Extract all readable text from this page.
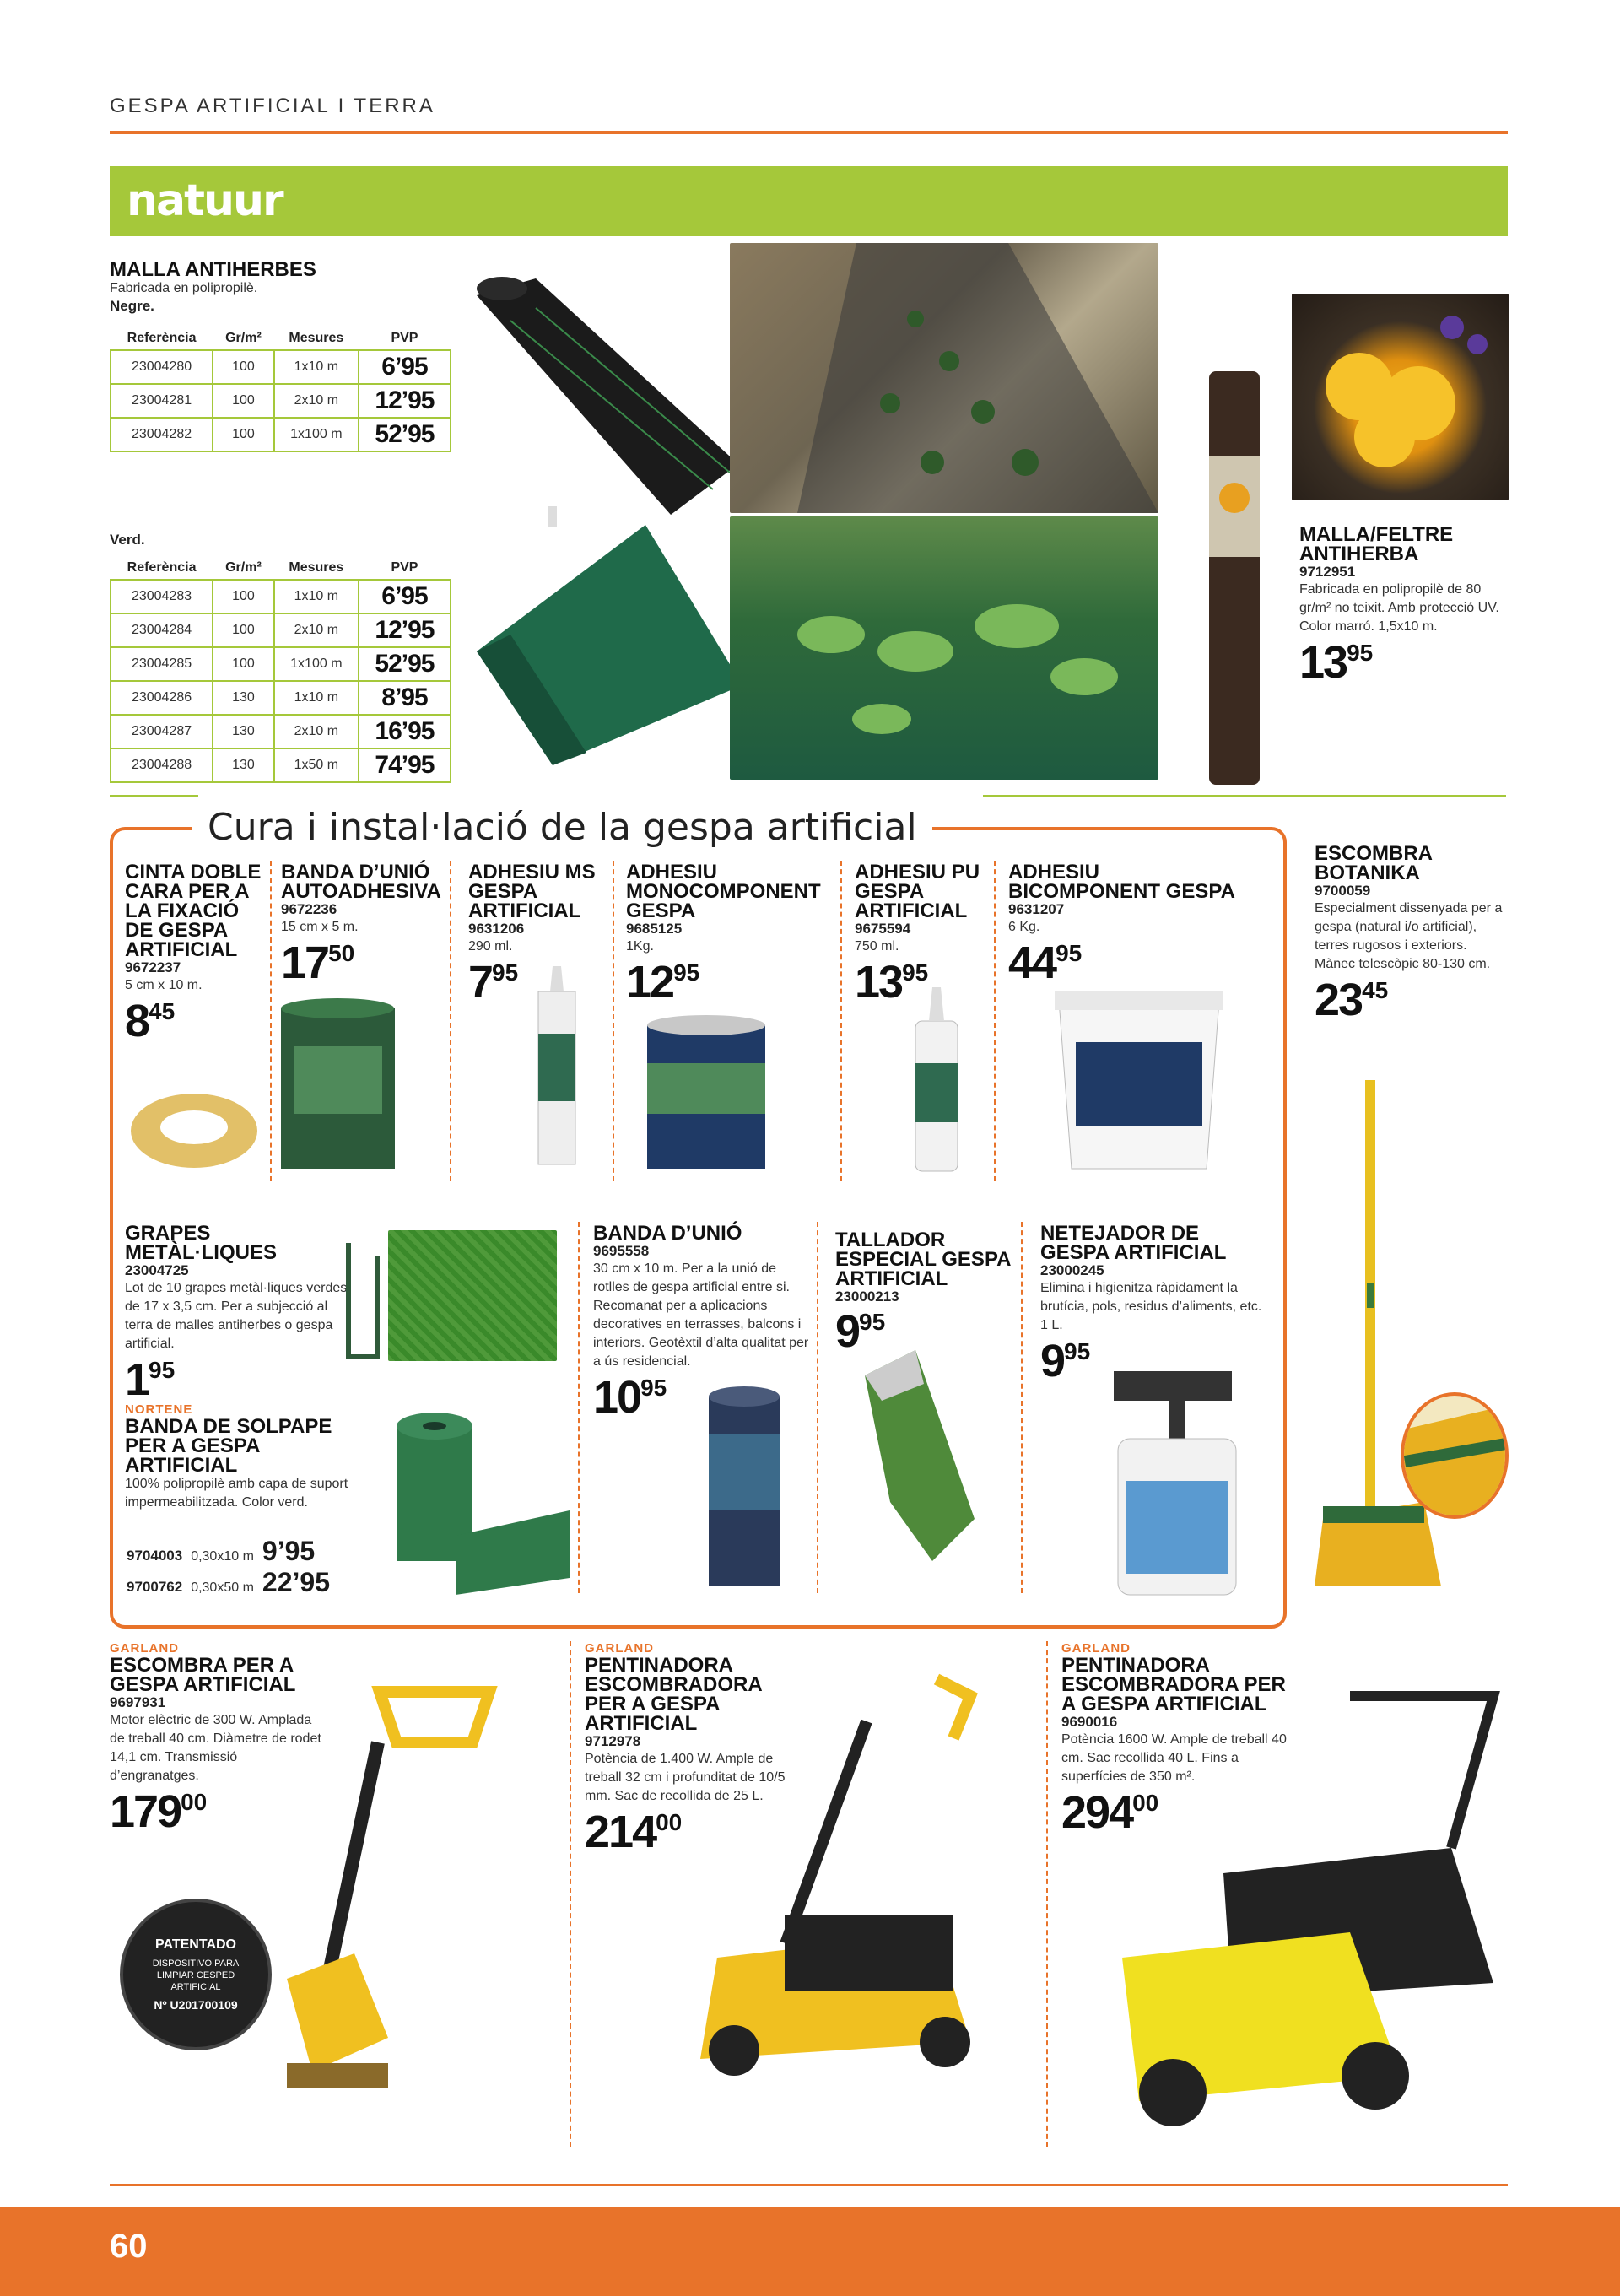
GESPA ARTIFICIAL I TERRA
natuur
MALLA ANTIHERBES
Fabricada en polipropilè.
Negre.
Referència	Gr/m²	Mesures	PVP
23004280	100	1x10 m	6’95
23004281	100	2x10 m	12’95
23004282	100	1x100 m	52’95
Verd.
Referència	Gr/m²	Mesures	PVP
23004283	100	1x10 m	6’95
23004284	100	2x10 m	12’95
23004285	100	1x100 m	52’95
23004286	130	1x10 m	8’95
23004287	130	2x10 m	16’95
23004288	130	1x50 m	74’95
MALLA/FELTRE ANTIHERBA
9712951
Fabricada en polipropilè de 80 gr/m² no teixit. Amb protecció UV. Color marró. 1,5x10 m.
$13^{95}$
Cura i instal·lació de la gespa artificial
CINTA DOBLE CARA PER A LA FIXACIÓ DE GESPA ARTIFICIAL
9672237
5 cm x 10 m.
$8^{45}$
BANDA D’UNIÓ AUTOADHESIVA
9672236
15 cm x 5 m.
$17^{50}$
ADHESIU MS GESPA ARTIFICIAL
9631206
290 ml.
$7^{95}$
ADHESIU MONOCOMPONENT GESPA
9685125
1Kg.
$12^{95}$
ADHESIU PU GESPA ARTIFICIAL
9675594
750 ml.
$13^{95}$
ADHESIU BICOMPONENT GESPA
9631207
6 Kg.
$44^{95}$
ESCOMBRA BOTANIKA
9700059
Especialment dissenyada per a gespa (natural i/o artificial), terres rugosos i exteriors. Mànec telescòpic 80-130 cm.
$23^{45}$
GRAPES METÀL·LIQUES
23004725
Lot de 10 grapes metàl·liques verdes de 17 x 3,5 cm. Per a subjecció al terra de malles antiherbes o gespa artificial.
$1^{95}$
NORTENE
BANDA DE SOLPAPE PER A GESPA ARTIFICIAL
100% polipropilè amb capa de suport impermeabilitzada. Color verd.
9704003 0,30x10 m 9’95
9700762 0,30x50 m 22’95
BANDA D’UNIÓ
9695558
30 cm x 10 m. Per a la unió de rotlles de gespa artificial entre si. Recomanat per a aplicacions decoratives en terrasses, balcons i interiors. Geotèxtil d’alta qualitat per a ús residencial.
$10^{95}$
TALLADOR ESPECIAL GESPA ARTIFICIAL
23000213
$9^{95}$
NETEJADOR DE GESPA ARTIFICIAL
23000245
Elimina i higienitza ràpidament la brutícia, pols, residus d’aliments, etc. 1 L.
$9^{95}$
GARLAND
ESCOMBRA PER A GESPA ARTIFICIAL
9697931
Motor elèctric de 300 W. Amplada de treball 40 cm. Diàmetre de rodet 14,1 cm. Transmissió d’engranatges.
$179^{00}$
PATENTADO
DISPOSITIVO PARA LIMPIAR CESPED ARTIFICIAL
Nº U201700109
GARLAND
PENTINADORA ESCOMBRADORA PER A GESPA ARTIFICIAL
9712978
Potència de 1.400 W. Ample de treball 32 cm i profunditat de 10/5 mm. Sac de recollida de 25 L.
$214^{00}$
GARLAND
PENTINADORA ESCOMBRADORA PER A GESPA ARTIFICIAL
9690016
Potència 1600 W. Ample de treball 40 cm. Sac recollida 40 L. Fins a superfícies de 350 m².
$294^{00}$
60
